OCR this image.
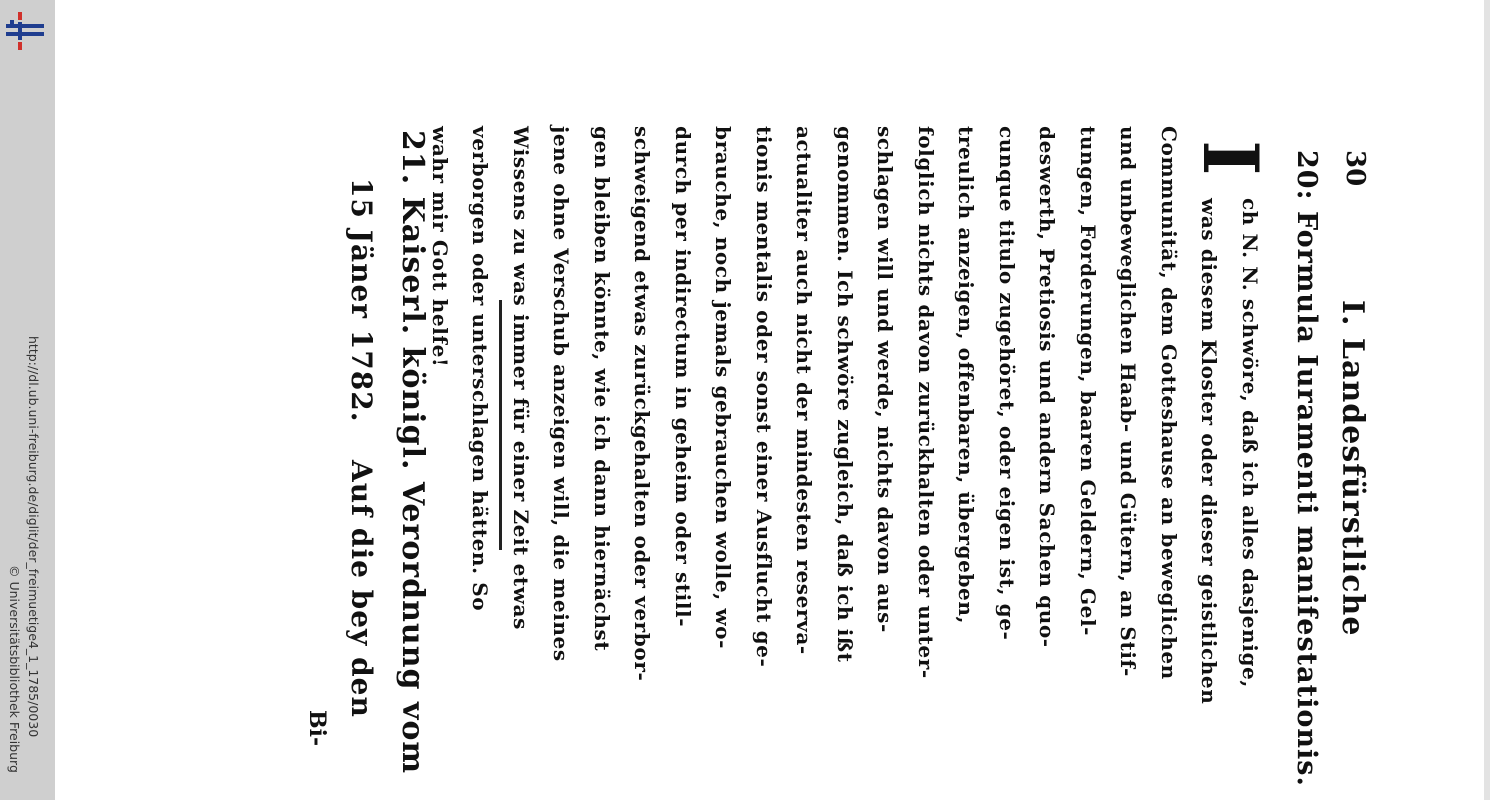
http://dl.ub.uni-freiburg.de/diglit/der_freimuetige4_1_1785/0030
© Universitätsbibliothek Freiburg
30
I. Landesfürstliche
20: Formula Iuramenti manifestationis.
I
ch N. N. schwöre, daß ich alles dasjenige,
was diesem Kloster oder dieser geistlichen
Communität, dem Gotteshause an beweglichen
und unbeweglichen Haab- und Gütern, an Stif-
tungen, Forderungen, baaren Geldern, Gel-
deswerth, Pretiosis und andern Sachen quo-
cunque titulo zugehöret, oder eigen ist, ge-
treulich anzeigen, offenbaren, übergeben,
folglich nichts davon zurückhalten oder unter-
schlagen will und werde, nichts davon aus-
genommen. Ich schwöre zugleich, daß ich ißt
actualiter auch nicht der mindesten reserva-
tionis mentalis oder sonst einer Ausflucht ge-
brauche, noch jemals gebrauchen wolle, wo-
durch per indirectum in geheim oder still-
schweigend etwas zurückgehalten oder verbor-
gen bleiben könnte, wie ich dann hiernächst
jene ohne Verschub anzeigen will, die meines
Wissens zu was immer für einer Zeit etwas
verborgen oder unterschlagen hätten. So
wahr mir Gott helfe!
21. Kaiserl. königl. Verordnung vom
15 Jäner 1782.
Auf die bey den
Bi-
